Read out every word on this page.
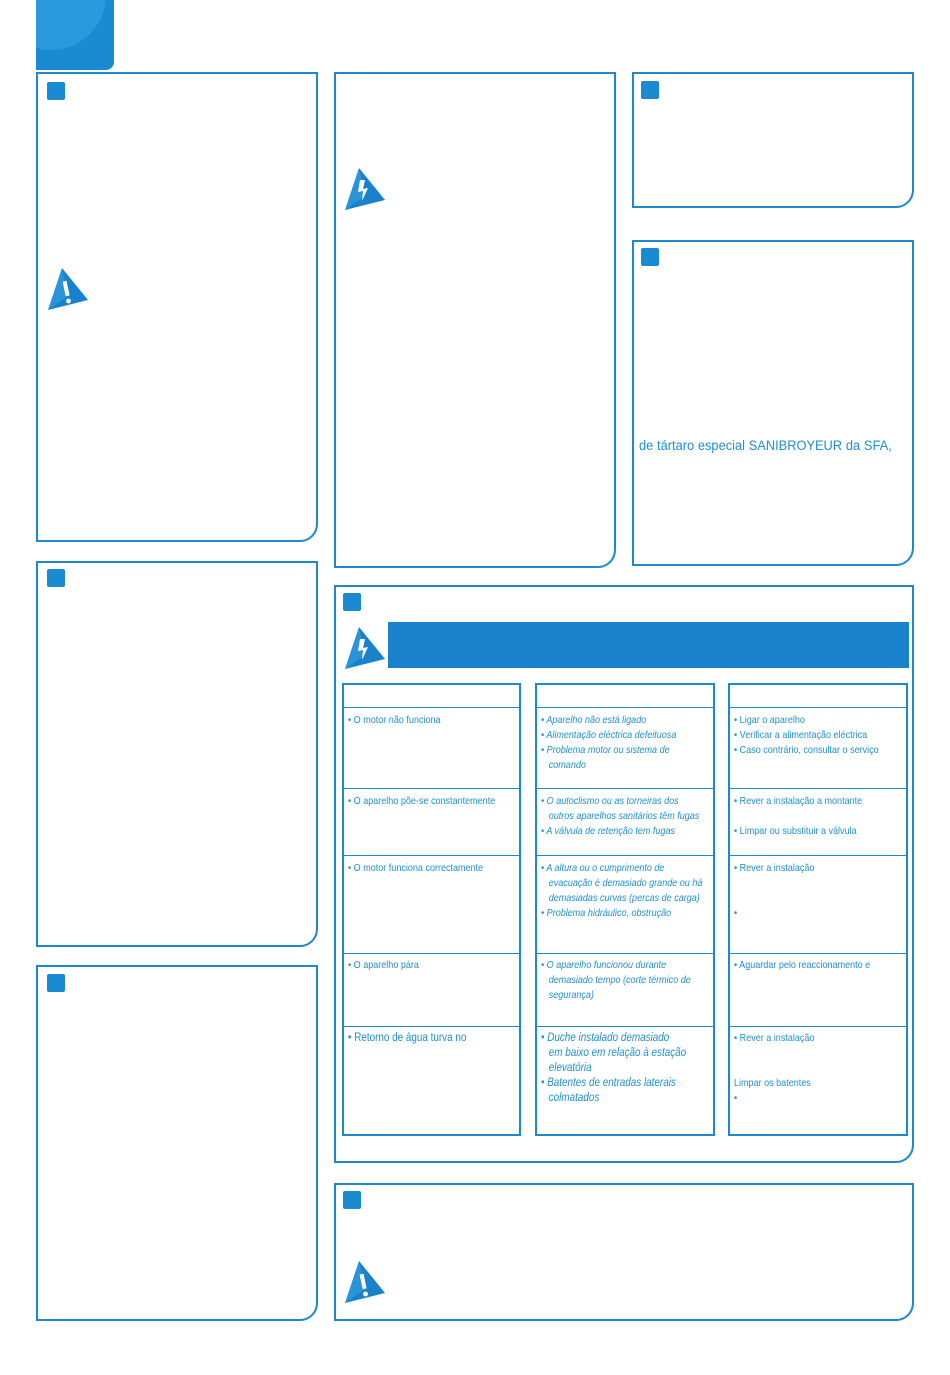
de tártaro especial SANIBROYEUR da SFA,
• O motor não funciona
• O aparelho põe-se constantemente
• O motor funciona correctamente
• O aparelho pára
• Retorno de água turva no
• Aparelho não está ligado
• Alimentação eléctrica defeituosa
• Problema motor ou sistema de
comando
• O autoclismo ou as torneiras dos
outros aparelhos sanitários têm fugas
• A válvula de retenção tem fugas
• A altura ou o cumprimento de
evacuação é demasiado grande ou há
demasiadas curvas (percas de carga)
• Problema hidráulico, obstrução
• O aparelho funcionou durante
demasiado tempo (corte térmico de
segurança)
• Duche instalado demasiado
em baixo em relação à estação
elevatória
• Batentes de entradas laterais
colmatados
• Ligar o aparelho
• Verificar a alimentação eléctrica
• Caso contrário, consultar o serviço
• Rever a instalação a montante
• Limpar ou substituir a válvula
• Rever a instalação
•
• Aguardar pelo reaccionamento e
• Rever a instalação
Limpar os batentes
•
